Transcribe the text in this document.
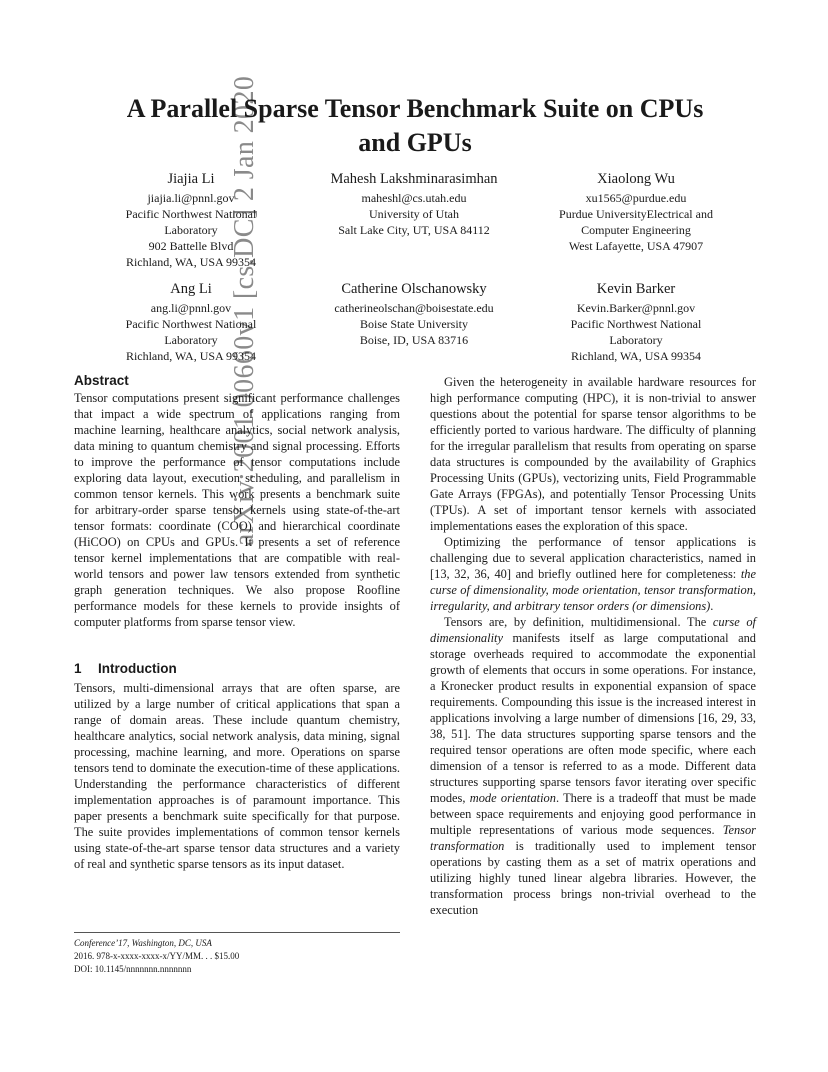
arXiv:2001.00660v1 [cs.DC] 2 Jan 2020
A Parallel Sparse Tensor Benchmark Suite on CPUs
and GPUs
Jiajia Li
jiajia.li@pnnl.gov
Pacific Northwest National
Laboratory
902 Battelle Blvd
Richland, WA, USA 99354
Mahesh Lakshminarasimhan
maheshl@cs.utah.edu
University of Utah
Salt Lake City, UT, USA 84112
Xiaolong Wu
xu1565@purdue.edu
Purdue UniversityElectrical and
Computer Engineering
West Lafayette, USA 47907
Ang Li
ang.li@pnnl.gov
Pacific Northwest National
Laboratory
Richland, WA, USA 99354
Catherine Olschanowsky
catherineolschan@boisestate.edu
Boise State University
Boise, ID, USA 83716
Kevin Barker
Kevin.Barker@pnnl.gov
Pacific Northwest National
Laboratory
Richland, WA, USA 99354
Abstract

Tensor computations present significant performance challenges that impact a wide spectrum of applications ranging from machine learning, healthcare analytics, social network analysis, data mining to quantum chemistry and signal processing. Efforts to improve the performance of tensor computations include exploring data layout, execution scheduling, and parallelism in common tensor kernels. This work presents a benchmark suite for arbitrary-order sparse tensor kernels using state-of-the-art tensor formats: coordinate (COO) and hierarchical coordinate (HiCOO) on CPUs and GPUs. It presents a set of reference tensor kernel implementations that are compatible with real-world tensors and power law tensors extended from synthetic graph generation techniques. We also propose Roofline performance models for these kernels to provide insights of computer platforms from sparse tensor view.

1 Introduction

Tensors, multi-dimensional arrays that are often sparse, are utilized by a large number of critical applications that span a range of domain areas. These include quantum chemistry, healthcare analytics, social network analysis, data mining, signal processing, machine learning, and more. Operations on sparse tensors tend to dominate the execution-time of these applications. Understanding the performance characteristics of different implementation approaches is of paramount importance. This paper presents a benchmark suite specifically for that purpose. The suite provides implementations of common tensor kernels using state-of-the-art sparse tensor data structures and a variety of real and synthetic sparse tensors as its input dataset.

Conference’17, Washington, DC, USA
2016. 978-x-xxxx-xxxx-x/YY/MM. . . $15.00
DOI: 10.1145/nnnnnnn.nnnnnnn

Given the heterogeneity in available hardware resources for high performance computing (HPC), it is non-trivial to answer questions about the potential for sparse tensor algorithms to be efficiently ported to various hardware. The difficulty of planning for the irregular parallelism that results from operating on sparse data structures is compounded by the availability of Graphics Processing Units (GPUs), vectorizing units, Field Programmable Gate Arrays (FPGAs), and potentially Tensor Processing Units (TPUs). A set of important tensor kernels with associated implementations eases the exploration of this space.

Optimizing the performance of tensor applications is challenging due to several application characteristics, named in [13, 32, 36, 40] and briefly outlined here for completeness: the curse of dimensionality, mode orientation, tensor transformation, irregularity, and arbitrary tensor orders (or dimensions).

Tensors are, by definition, multidimensional. The curse of dimensionality manifests itself as large computational and storage overheads required to accommodate the exponential growth of elements that occurs in some operations. For instance, a Kronecker product results in exponential expansion of space requirements. Compounding this issue is the increased interest in applications involving a large number of dimensions [16, 29, 33, 38, 51]. The data structures supporting sparse tensors and the required tensor operations are often mode specific, where each dimension of a tensor is referred to as a mode. Different data structures supporting sparse tensors favor iterating over specific modes, mode orientation. There is a tradeoff that must be made between space requirements and enjoying good performance in multiple representations of various mode sequences. Tensor transformation is traditionally used to implement tensor operations by casting them as a set of matrix operations and utilizing highly tuned linear algebra libraries. However, the transformation process brings non-trivial overhead to the execution
